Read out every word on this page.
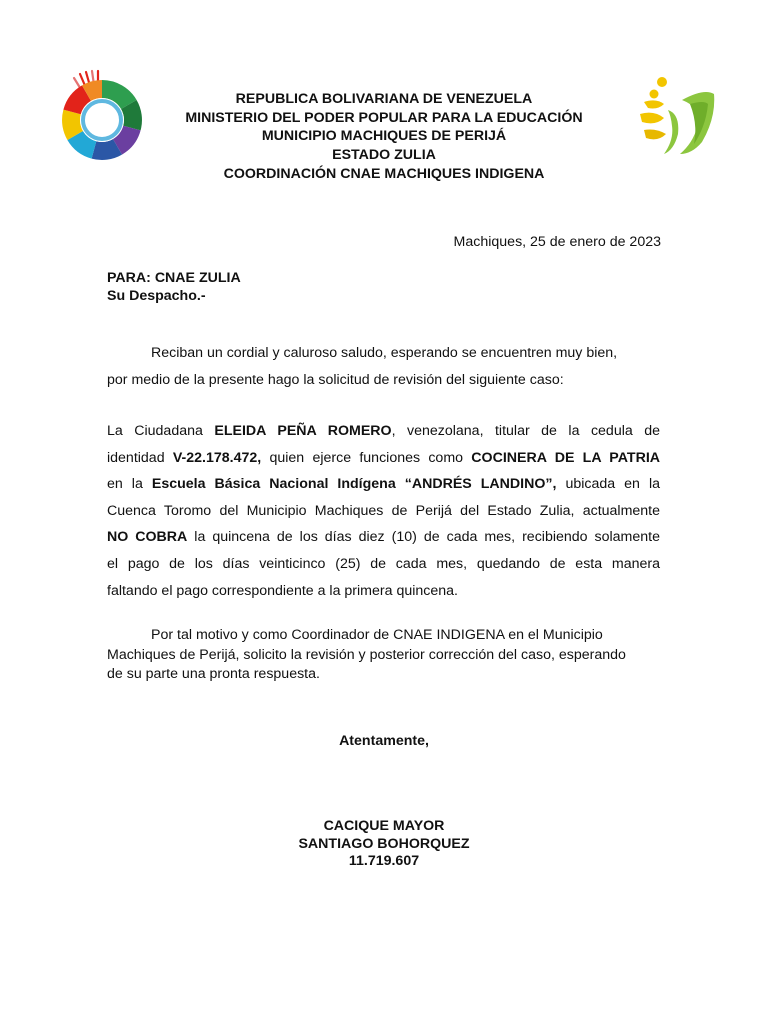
REPUBLICA BOLIVARIANA DE VENEZUELA
MINISTERIO DEL PODER POPULAR PARA LA EDUCACIÓN
MUNICIPIO MACHIQUES DE PERIJÁ
ESTADO ZULIA
COORDINACIÓN CNAE MACHIQUES INDIGENA
Machiques, 25 de enero de 2023
PARA: CNAE ZULIA
Su Despacho.-
Reciban un cordial y caluroso saludo, esperando se encuentren muy bien,
por medio de la presente hago la solicitud de revisión del siguiente caso:
La Ciudadana ELEIDA PEÑA ROMERO, venezolana, titular de la cedula de
identidad V-22.178.472, quien ejerce funciones como COCINERA DE LA PATRIA
en la Escuela Básica Nacional Indígena “ANDRÉS LANDINO”, ubicada en la
Cuenca Toromo del Municipio Machiques de Perijá del Estado Zulia, actualmente
NO COBRA la quincena de los días diez (10) de cada mes, recibiendo solamente
el pago de los días veinticinco (25) de cada mes, quedando de esta manera
faltando el pago correspondiente a la primera quincena.
Por tal motivo y como Coordinador de CNAE INDIGENA en el Municipio
Machiques de Perijá, solicito la revisión y posterior corrección del caso, esperando
de su parte una pronta respuesta.
Atentamente,
CACIQUE MAYOR
SANTIAGO BOHORQUEZ
11.719.607
